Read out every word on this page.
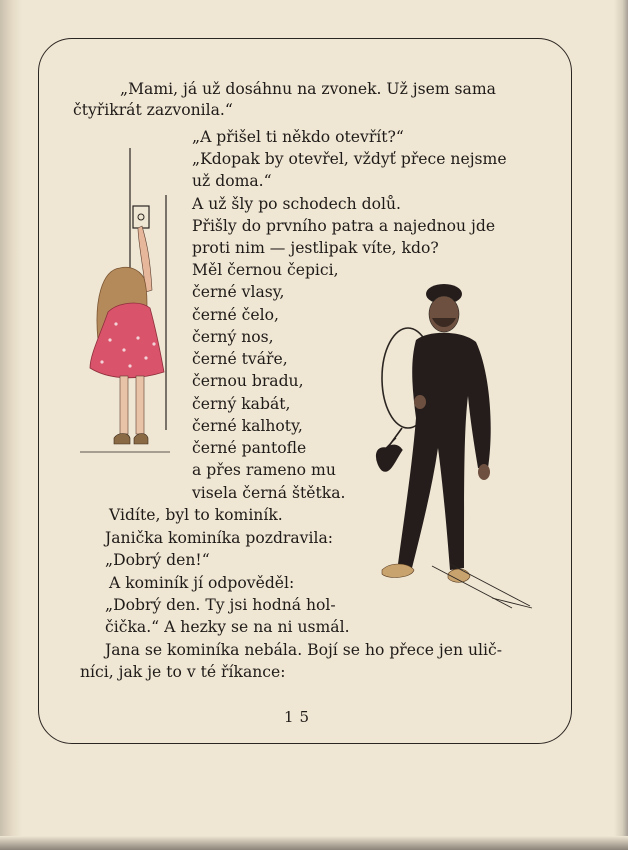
„Mami, já už dosáhnu na zvonek. Už jsem sama
čtyřikrát zazvonila.“
„A přišel ti někdo otevřít?“
„Kdopak by otevřel, vždyť přece nejsme
už doma.“
A už šly po schodech dolů.
Přišly do prvního patra a najednou jde
proti nim — jestlipak víte, kdo?
Měl černou čepici,
černé vlasy,
černé čelo,
černý nos,
černé tváře,
černou bradu,
černý kabát,
černé kalhoty,
černé pantofle
a přes rameno mu
visela černá štětka.
Vidíte, byl to kominík.
Janička kominíka pozdravila:
„Dobrý den!“
A kominík jí odpověděl:
„Dobrý den. Ty jsi hodná hol-
čička.“ A hezky se na ni usmál.
Jana se kominíka nebála. Bojí se ho přece jen ulič-
níci, jak je to v té říkance:
15
